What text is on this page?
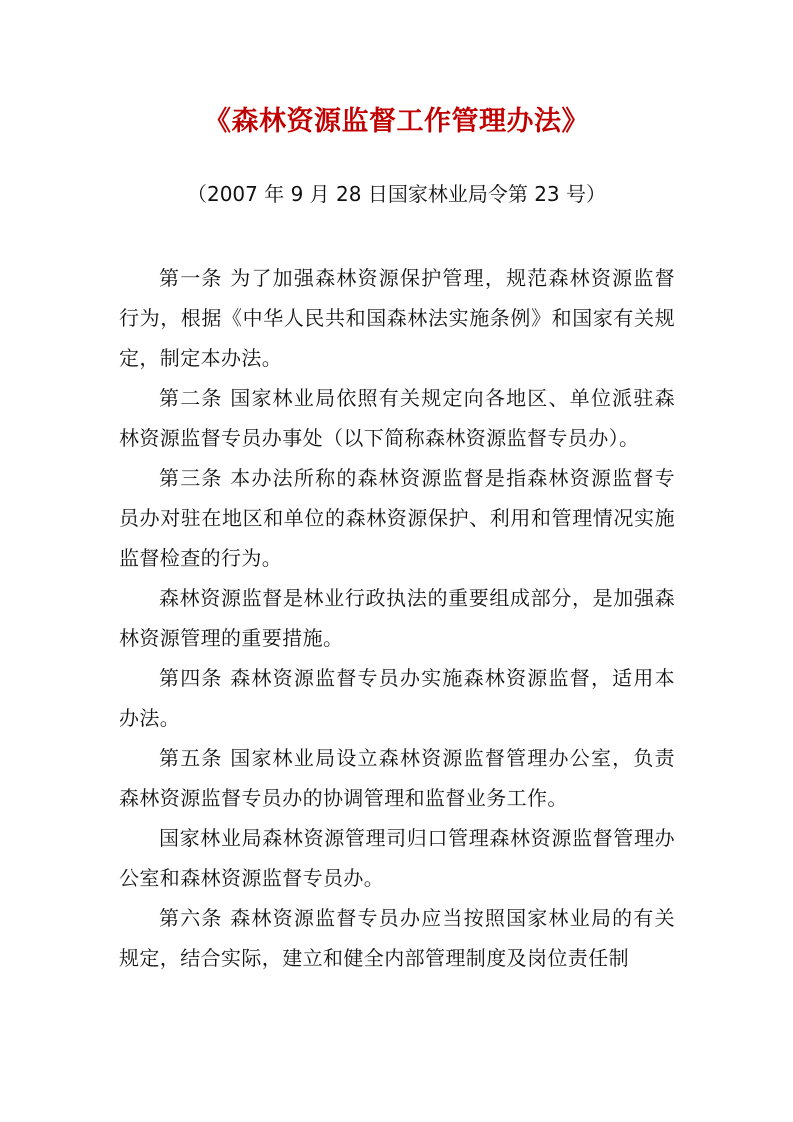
《森林资源监督工作管理办法》
（2007 年 9 月 28 日国家林业局令第 23 号）

第一条 为了加强森林资源保护管理，规范森林资源监督行为，根据《中华人民共和国森林法实施条例》和国家有关规定，制定本办法。

第二条 国家林业局依照有关规定向各地区、单位派驻森林资源监督专员办事处（以下简称森林资源监督专员办）。

第三条 本办法所称的森林资源监督是指森林资源监督专员办对驻在地区和单位的森林资源保护、利用和管理情况实施监督检查的行为。

森林资源监督是林业行政执法的重要组成部分，是加强森林资源管理的重要措施。

第四条 森林资源监督专员办实施森林资源监督，适用本办法。

第五条 国家林业局设立森林资源监督管理办公室，负责森林资源监督专员办的协调管理和监督业务工作。

国家林业局森林资源管理司归口管理森林资源监督管理办公室和森林资源监督专员办。

第六条 森林资源监督专员办应当按照国家林业局的有关规定，结合实际，建立和健全内部管理制度及岗位责任制
